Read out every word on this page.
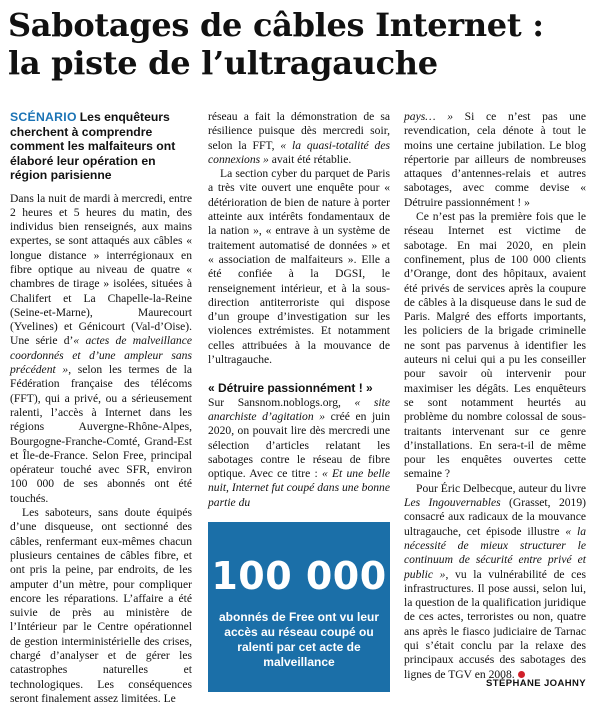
Sabotages de câbles Internet :
la piste de l’ultragauche

SCÉNARIO Les enquêteurs cherchent à comprendre comment les malfaiteurs ont élaboré leur opération en région parisienne

Dans la nuit de mardi à mercredi, entre 2 heures et 5 heures du matin, des individus bien renseignés, aux mains expertes, se sont attaqués aux câbles « longue distance » interrégionaux en fibre optique au niveau de quatre « chambres de tirage » isolées, situées à Chalifert et La Chapelle-la-Reine (Seine-et-Marne), Maurecourt (Yvelines) et Génicourt (Val-d’Oise). Une série d’« actes de malveillance coordonnés et d’une ampleur sans précédent », selon les termes de la Fédération française des télécoms (FFT), qui a privé, ou a sérieusement ralenti, l’accès à Internet dans les régions Auvergne-Rhône-Alpes, Bourgogne-Franche-Comté, Grand-Est et Île-de-France. Selon Free, principal opérateur touché avec SFR, environ 100 000 de ses abonnés ont été touchés.

Les saboteurs, sans doute équipés d’une disqueuse, ont sectionné des câbles, renfermant eux-mêmes chacun plusieurs centaines de câbles fibre, et ont pris la peine, par endroits, de les amputer d’un mètre, pour compliquer encore les réparations. L’affaire a été suivie de près au ministère de l’Intérieur par le Centre opérationnel de gestion interministérielle des crises, chargé d’analyser et de gérer les catastrophes naturelles et technologiques. Les conséquences seront finalement assez limitées. Le

réseau a fait la démonstration de sa résilience puisque dès mercredi soir, selon la FFT, « la quasi-totalité des connexions » avait été rétablie.

La section cyber du parquet de Paris a très vite ouvert une enquête pour « détérioration de bien de nature à porter atteinte aux intérêts fondamentaux de la nation », « entrave à un système de traitement automatisé de données » et « association de malfaiteurs ». Elle a été confiée à la DGSI, le renseignement intérieur, et à la sous-direction antiterroriste qui dispose d’un groupe d’investigation sur les violences extrémistes. Et notamment celles attribuées à la mouvance de l’ultragauche.

« Détruire passionnément ! »

Sur Sansnom.noblogs.org, « site anarchiste d’agitation » créé en juin 2020, on pouvait lire dès mercredi une sélection d’articles relatant les sabotages contre le réseau de fibre optique. Avec ce titre : « Et une belle nuit, Internet fut coupé dans une bonne partie du

100 000
abonnés de Free ont vu leur accès au réseau coupé ou ralenti par cet acte de malveillance

pays… » Si ce n’est pas une revendication, cela dénote à tout le moins une certaine jubilation. Le blog répertorie par ailleurs de nombreuses attaques d’antennes-relais et autres sabotages, avec comme devise « Détruire passionnément ! »

Ce n’est pas la première fois que le réseau Internet est victime de sabotage. En mai 2020, en plein confinement, plus de 100 000 clients d’Orange, dont des hôpitaux, avaient été privés de services après la coupure de câbles à la disqueuse dans le sud de Paris. Malgré des efforts importants, les policiers de la brigade criminelle ne sont pas parvenus à identifier les auteurs ni celui qui a pu les conseiller pour savoir où intervenir pour maximiser les dégâts. Les enquêteurs se sont notamment heurtés au problème du nombre colossal de sous-traitants intervenant sur ce genre d’installations. En sera-t-il de même pour les enquêtes ouvertes cette semaine ?

Pour Éric Delbecque, auteur du livre Les Ingouvernables (Grasset, 2019) consacré aux radicaux de la mouvance ultragauche, cet épisode illustre « la nécessité de mieux structurer le continuum de sécurité entre privé et public », vu la vulnérabilité de ces infrastructures. Il pose aussi, selon lui, la question de la qualification juridique de ces actes, terroristes ou non, quatre ans après le fiasco judiciaire de Tarnac qui s’était conclu par la relaxe des principaux accusés des sabotages des lignes de TGV en 2008.

STÉPHANE JOAHNY
